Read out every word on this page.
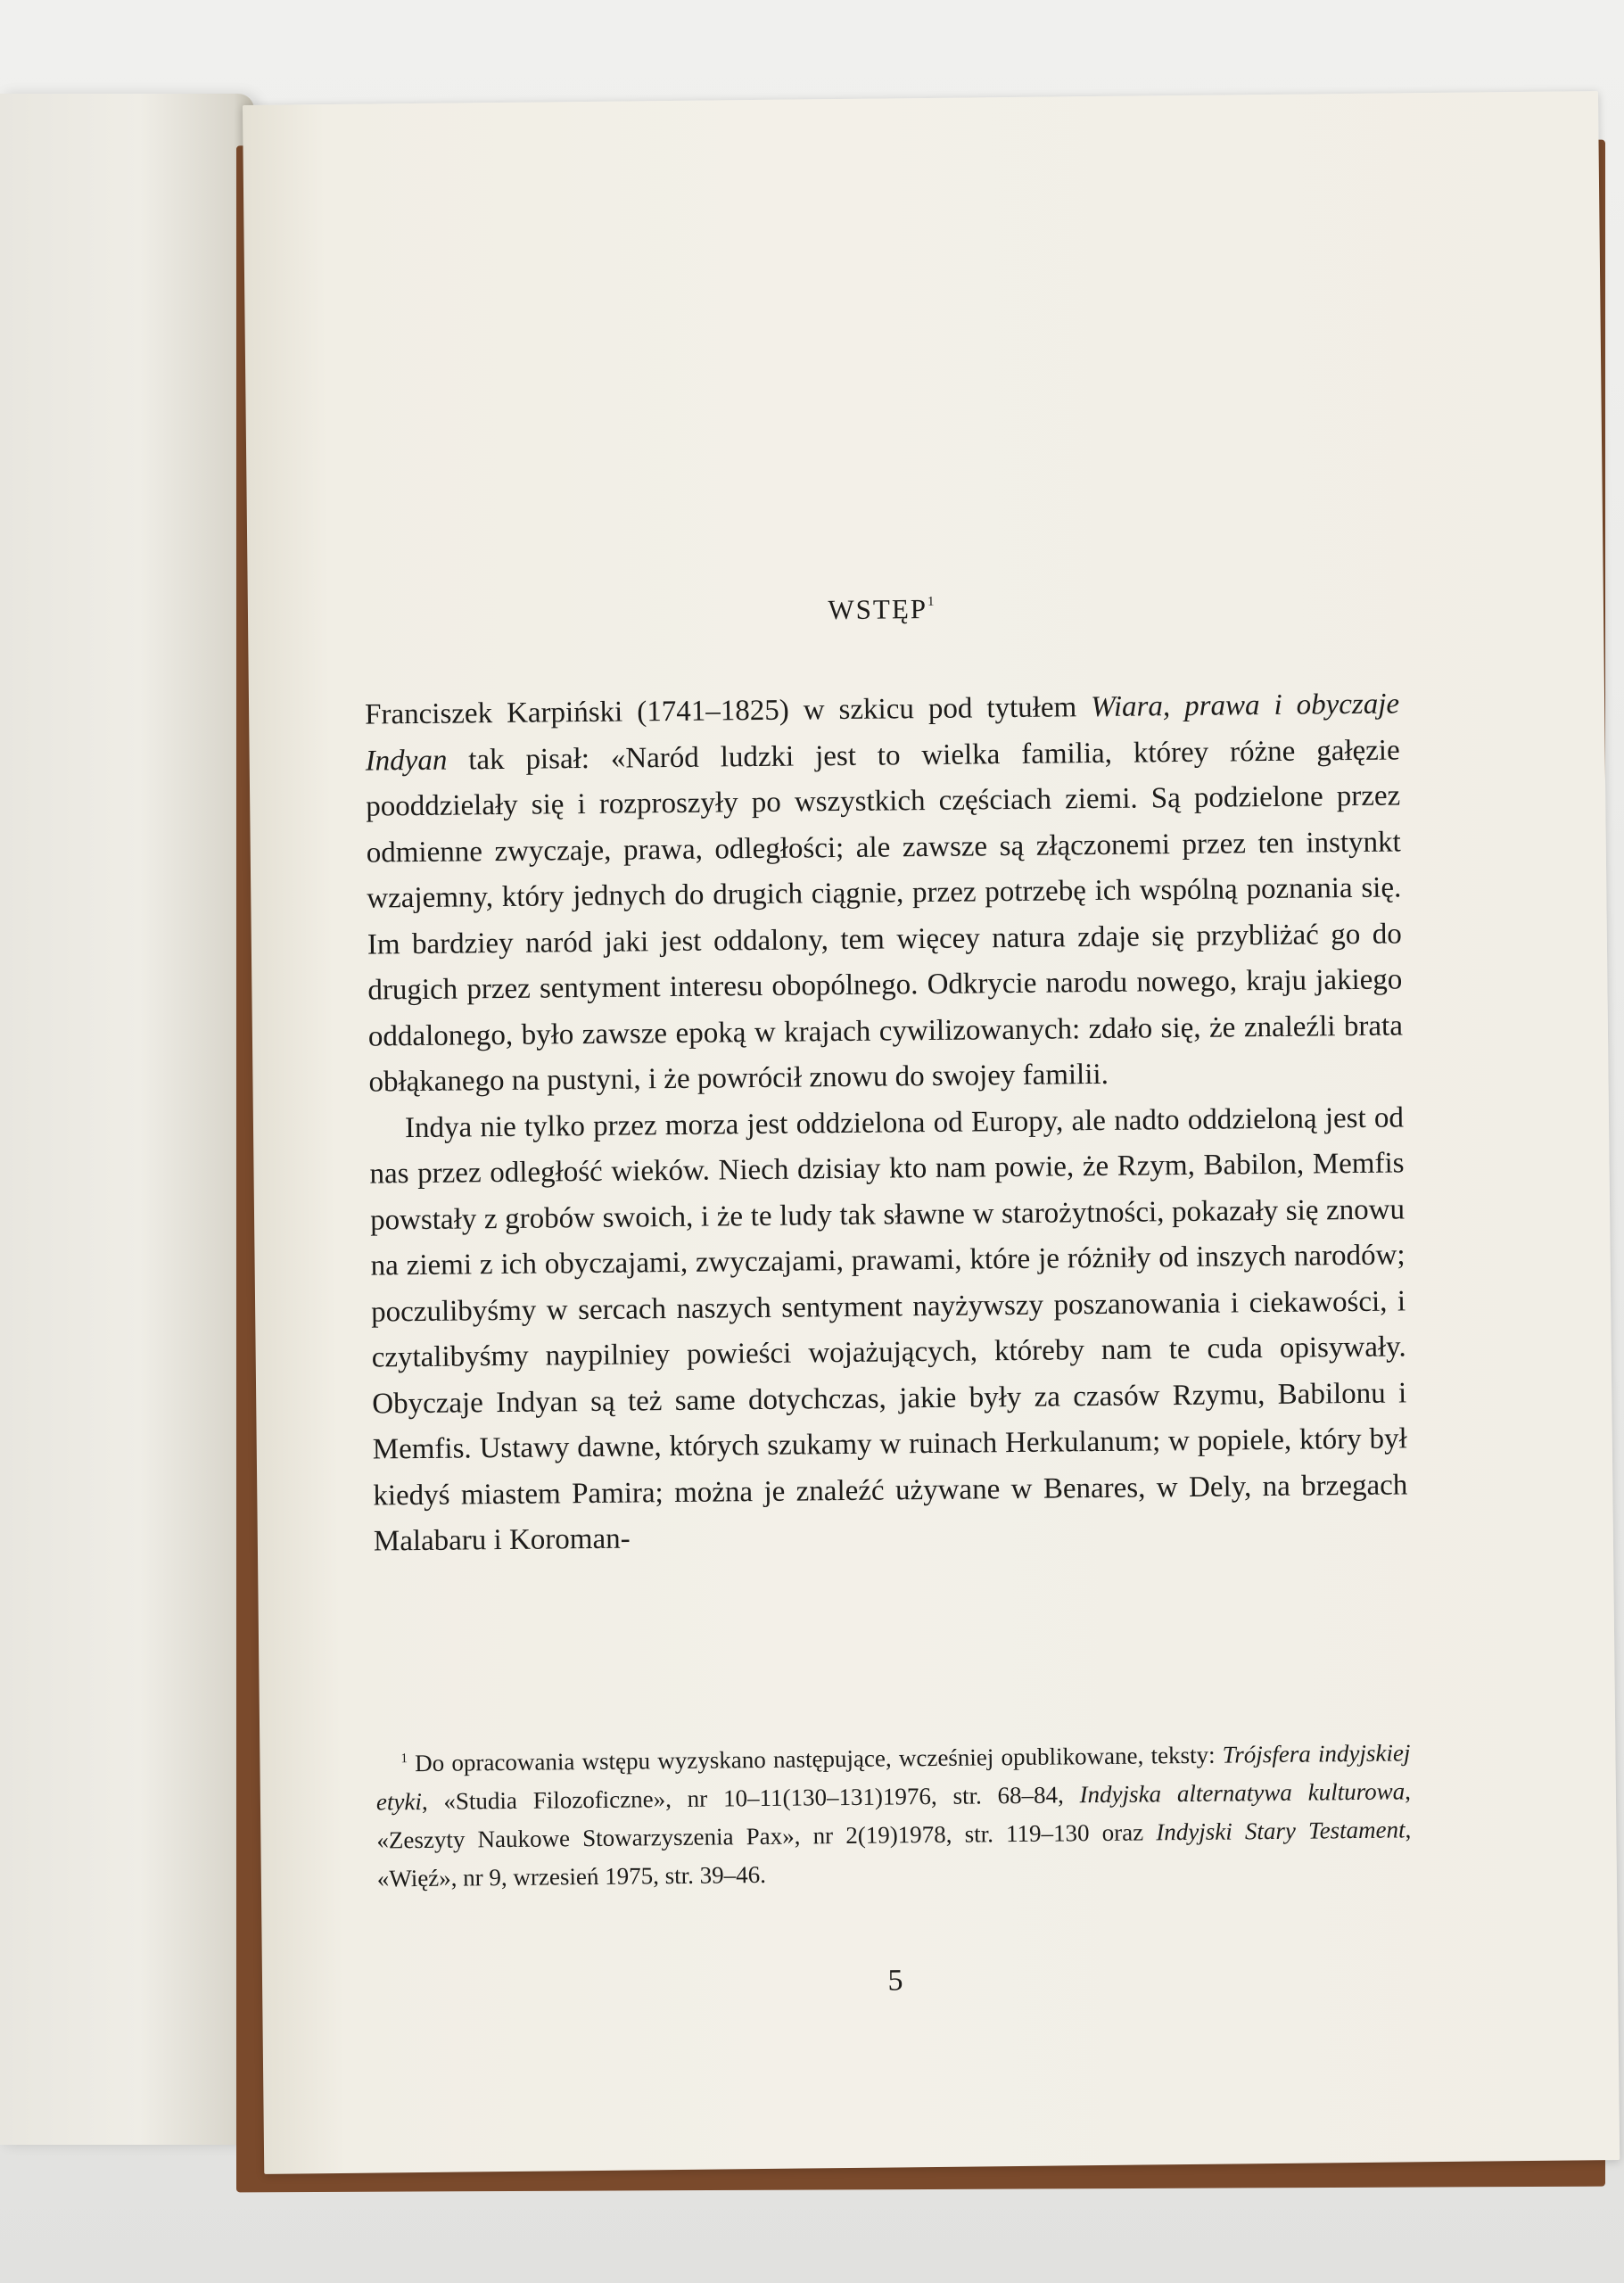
WSTĘP$^1$

Franciszek Karpiński (1741–1825) w szkicu pod tytułem Wiara, prawa i obyczaje Indyan tak pisał: «Naród ludzki jest to wielka familia, którey różne gałęzie pooddzielały się i rozproszyły po wszystkich częściach ziemi. Są podzielone przez odmienne zwyczaje, prawa, odległości; ale zawsze są złączonemi przez ten instynkt wzajemny, który jednych do drugich ciągnie, przez potrzebę ich wspólną poznania się. Im bardziey naród jaki jest oddalony, tem więcey natura zdaje się przybliżać go do drugich przez sentyment interesu obopólnego. Odkrycie narodu nowego, kraju jakiego oddalonego, było zawsze epoką w krajach cywilizowanych: zdało się, że znaleźli brata obłąkanego na pustyni, i że powrócił znowu do swojey familii.

Indya nie tylko przez morza jest oddzielona od Europy, ale nadto oddzieloną jest od nas przez odległość wieków. Niech dzisiay kto nam powie, że Rzym, Babilon, Memfis powstały z grobów swoich, i że te ludy tak sławne w starożytności, pokazały się znowu na ziemi z ich obyczajami, zwyczajami, prawami, które je różniły od inszych narodów; poczulibyśmy w sercach naszych sentyment nayżywszy poszanowania i ciekawości, i czytalibyśmy naypilniey powieści wojażujących, któreby nam te cuda opisywały. Obyczaje Indyan są też same dotychczas, jakie były za czasów Rzymu, Babilonu i Memfis. Ustawy dawne, których szukamy w ruinach Herkulanum; w popiele, który był kiedyś miastem Pamira; można je znaleźć używane w Benares, w Dely, na brzegach Malabaru i Koroman-

$^1$ Do opracowania wstępu wyzyskano następujące, wcześniej opublikowane, teksty: Trójsfera indyjskiej etyki, «Studia Filozoficzne», nr 10–11(130–131)1976, str. 68–84, Indyjska alternatywa kulturowa, «Zeszyty Naukowe Stowarzyszenia Pax», nr 2(19)1978, str. 119–130 oraz Indyjski Stary Testament, «Więź», nr 9, wrzesień 1975, str. 39–46.
5
